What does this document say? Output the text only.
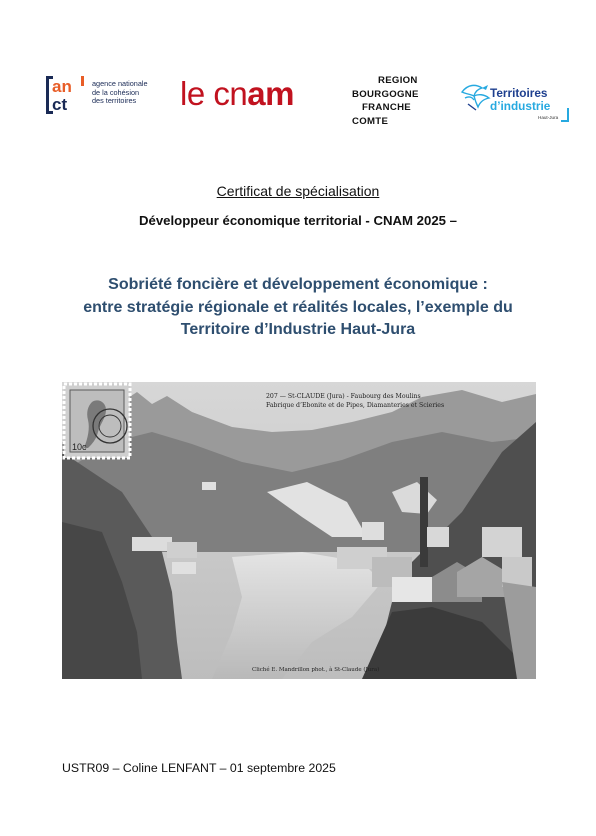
an
ct
agence nationale
de la cohésion
des territoires	le cnam	REGION
BOURGOGNE
FRANCHE
COMTE
Territoires
d’industrie
Haut-Jura
Certificat de spécialisation
Développeur économique territorial - CNAM 2025 –
Sobriété foncière et développement économique :
entre stratégie régionale et réalités locales, l’exemple du
Territoire d’Industrie Haut-Jura
207 — St-CLAUDE (Jura) - Faubourg des Moulins
Fabrique d’Ebonite et de Pipes, Diamanteries et Scieries
10c
Cliché E. Mandrillon phot., à St-Claude (Jura)
USTR09 – Coline LENFANT – 01 septembre 2025
